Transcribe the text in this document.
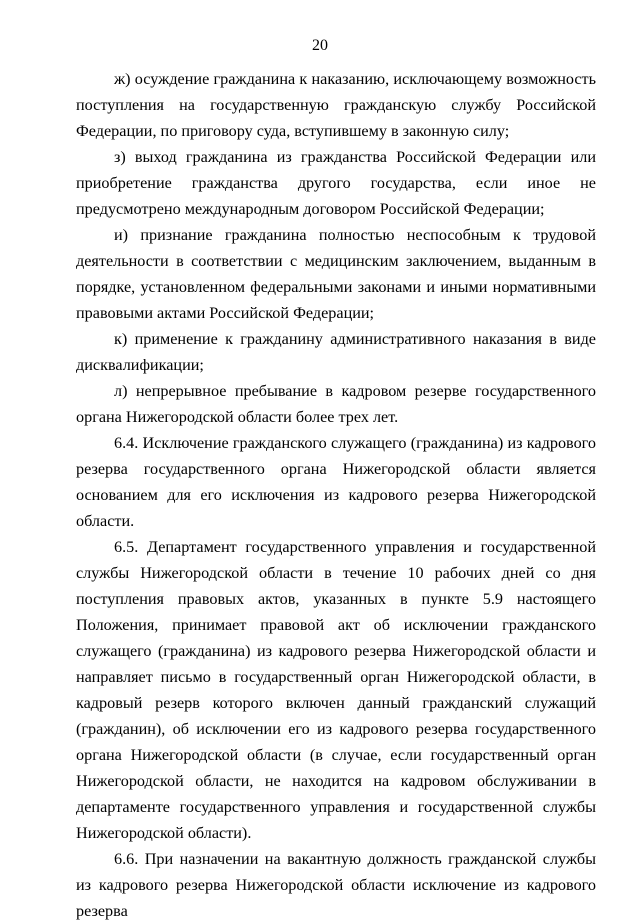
20

ж) осуждение гражданина к наказанию, исключающему возможность поступления на государственную гражданскую службу Российской Федерации, по приговору суда, вступившему в законную силу;

з) выход гражданина из гражданства Российской Федерации или приобретение гражданства другого государства, если иное не предусмотрено международным договором Российской Федерации;

и) признание гражданина полностью неспособным к трудовой деятельности в соответствии с медицинским заключением, выданным в порядке, установленном федеральными законами и иными нормативными правовыми актами Российской Федерации;

к) применение к гражданину административного наказания в виде дисквалификации;

л) непрерывное пребывание в кадровом резерве государственного органа Нижегородской области более трех лет.

6.4. Исключение гражданского служащего (гражданина) из кадрового резерва государственного органа Нижегородской области является основанием для его исключения из кадрового резерва Нижегородской области.

6.5. Департамент государственного управления и государственной службы Нижегородской области в течение 10 рабочих дней со дня поступления правовых актов, указанных в пункте 5.9 настоящего Положения, принимает правовой акт об исключении гражданского служащего (гражданина) из кадрового резерва Нижегородской области и направляет письмо в государственный орган Нижегородской области, в кадровый резерв которого включен данный гражданский служащий (гражданин), об исключении его из кадрового резерва государственного органа Нижегородской области (в случае, если государственный орган Нижегородской области, не находится на кадровом обслуживании в департаменте государственного управления и государственной службы Нижегородской области).

6.6. При назначении на вакантную должность гражданской службы из кадрового резерва Нижегородской области исключение из кадрового резерва
